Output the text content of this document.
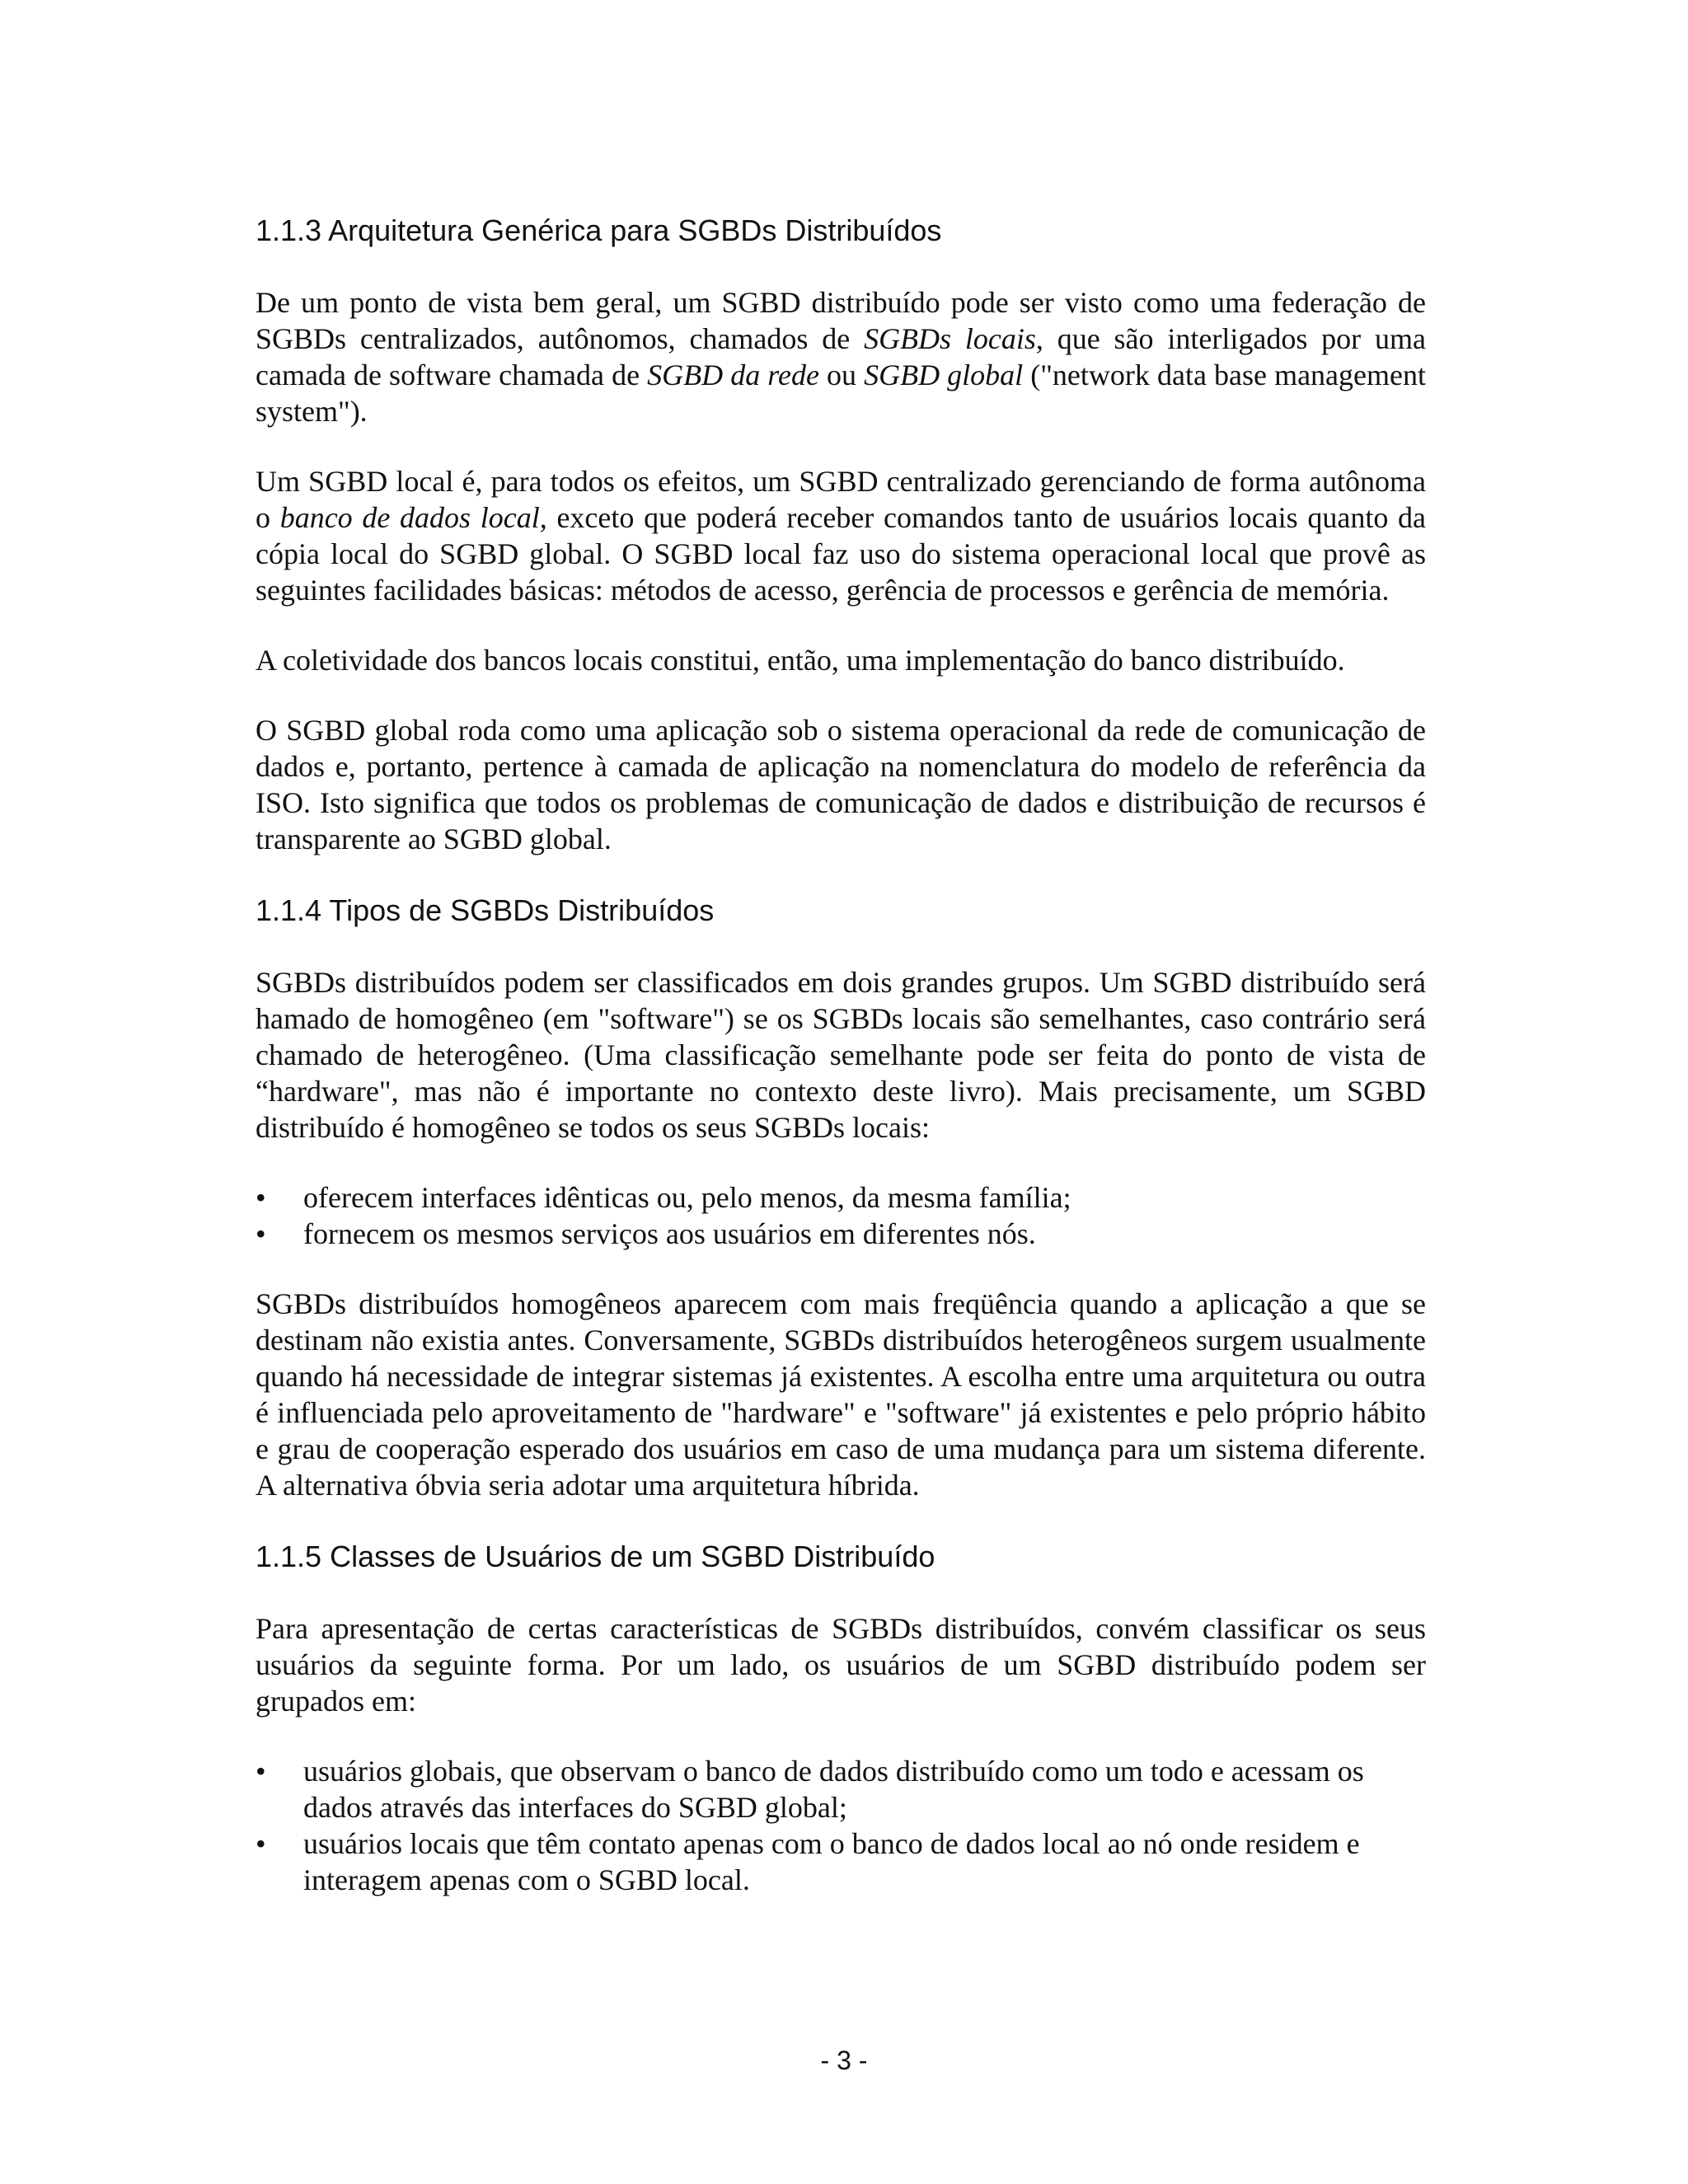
1.1.3 Arquitetura Genérica para SGBDs Distribuídos

De um ponto de vista bem geral, um SGBD distribuído pode ser visto como uma federação de SGBDs centralizados, autônomos, chamados de SGBDs locais, que são interligados por uma camada de software chamada de SGBD da rede ou SGBD global ("network data base management system").

Um SGBD local é, para todos os efeitos, um SGBD centralizado gerenciando de forma autônoma o banco de dados local, exceto que poderá receber comandos tanto de usuários locais quanto da cópia local do SGBD global. O SGBD local faz uso do sistema operacional local que provê as seguintes facilidades básicas: métodos de acesso, gerência de processos e gerência de memória.

A coletividade dos bancos locais constitui, então, uma implementação do banco distribuído.

O SGBD global roda como uma aplicação sob o sistema operacional da rede de comunicação de dados e, portanto, pertence à camada de aplicação na nomenclatura do modelo de referência da ISO. Isto significa que todos os problemas de comunicação de dados e distribuição de recursos é transparente ao SGBD global.

1.1.4 Tipos de SGBDs Distribuídos

SGBDs distribuídos podem ser classificados em dois grandes grupos. Um SGBD distribuído será hamado de homogêneo (em "software") se os SGBDs locais são semelhantes, caso contrário será chamado de heterogêneo. (Uma classificação semelhante pode ser feita do ponto de vista de “hardware", mas não é importante no contexto deste livro). Mais precisamente, um SGBD distribuído é homogêneo se todos os seus SGBDs locais:

• oferecem interfaces idênticas ou, pelo menos, da mesma família;
• fornecem os mesmos serviços aos usuários em diferentes nós.

SGBDs distribuídos homogêneos aparecem com mais freqüência quando a aplicação a que se destinam não existia antes. Conversamente, SGBDs distribuídos heterogêneos surgem usualmente quando há necessidade de integrar sistemas já existentes. A escolha entre uma arquitetura ou outra é influenciada pelo aproveitamento de "hardware" e "software" já existentes e pelo próprio hábito e grau de cooperação esperado dos usuários em caso de uma mudança para um sistema diferente. A alternativa óbvia seria adotar uma arquitetura híbrida.

1.1.5 Classes de Usuários de um SGBD Distribuído

Para apresentação de certas características de SGBDs distribuídos, convém classificar os seus usuários da seguinte forma. Por um lado, os usuários de um SGBD distribuído podem ser grupados em:

• usuários globais, que observam o banco de dados distribuído como um todo e acessam os dados através das interfaces do SGBD global;
• usuários locais que têm contato apenas com o banco de dados local ao nó onde residem e interagem apenas com o SGBD local.
- 3 -
